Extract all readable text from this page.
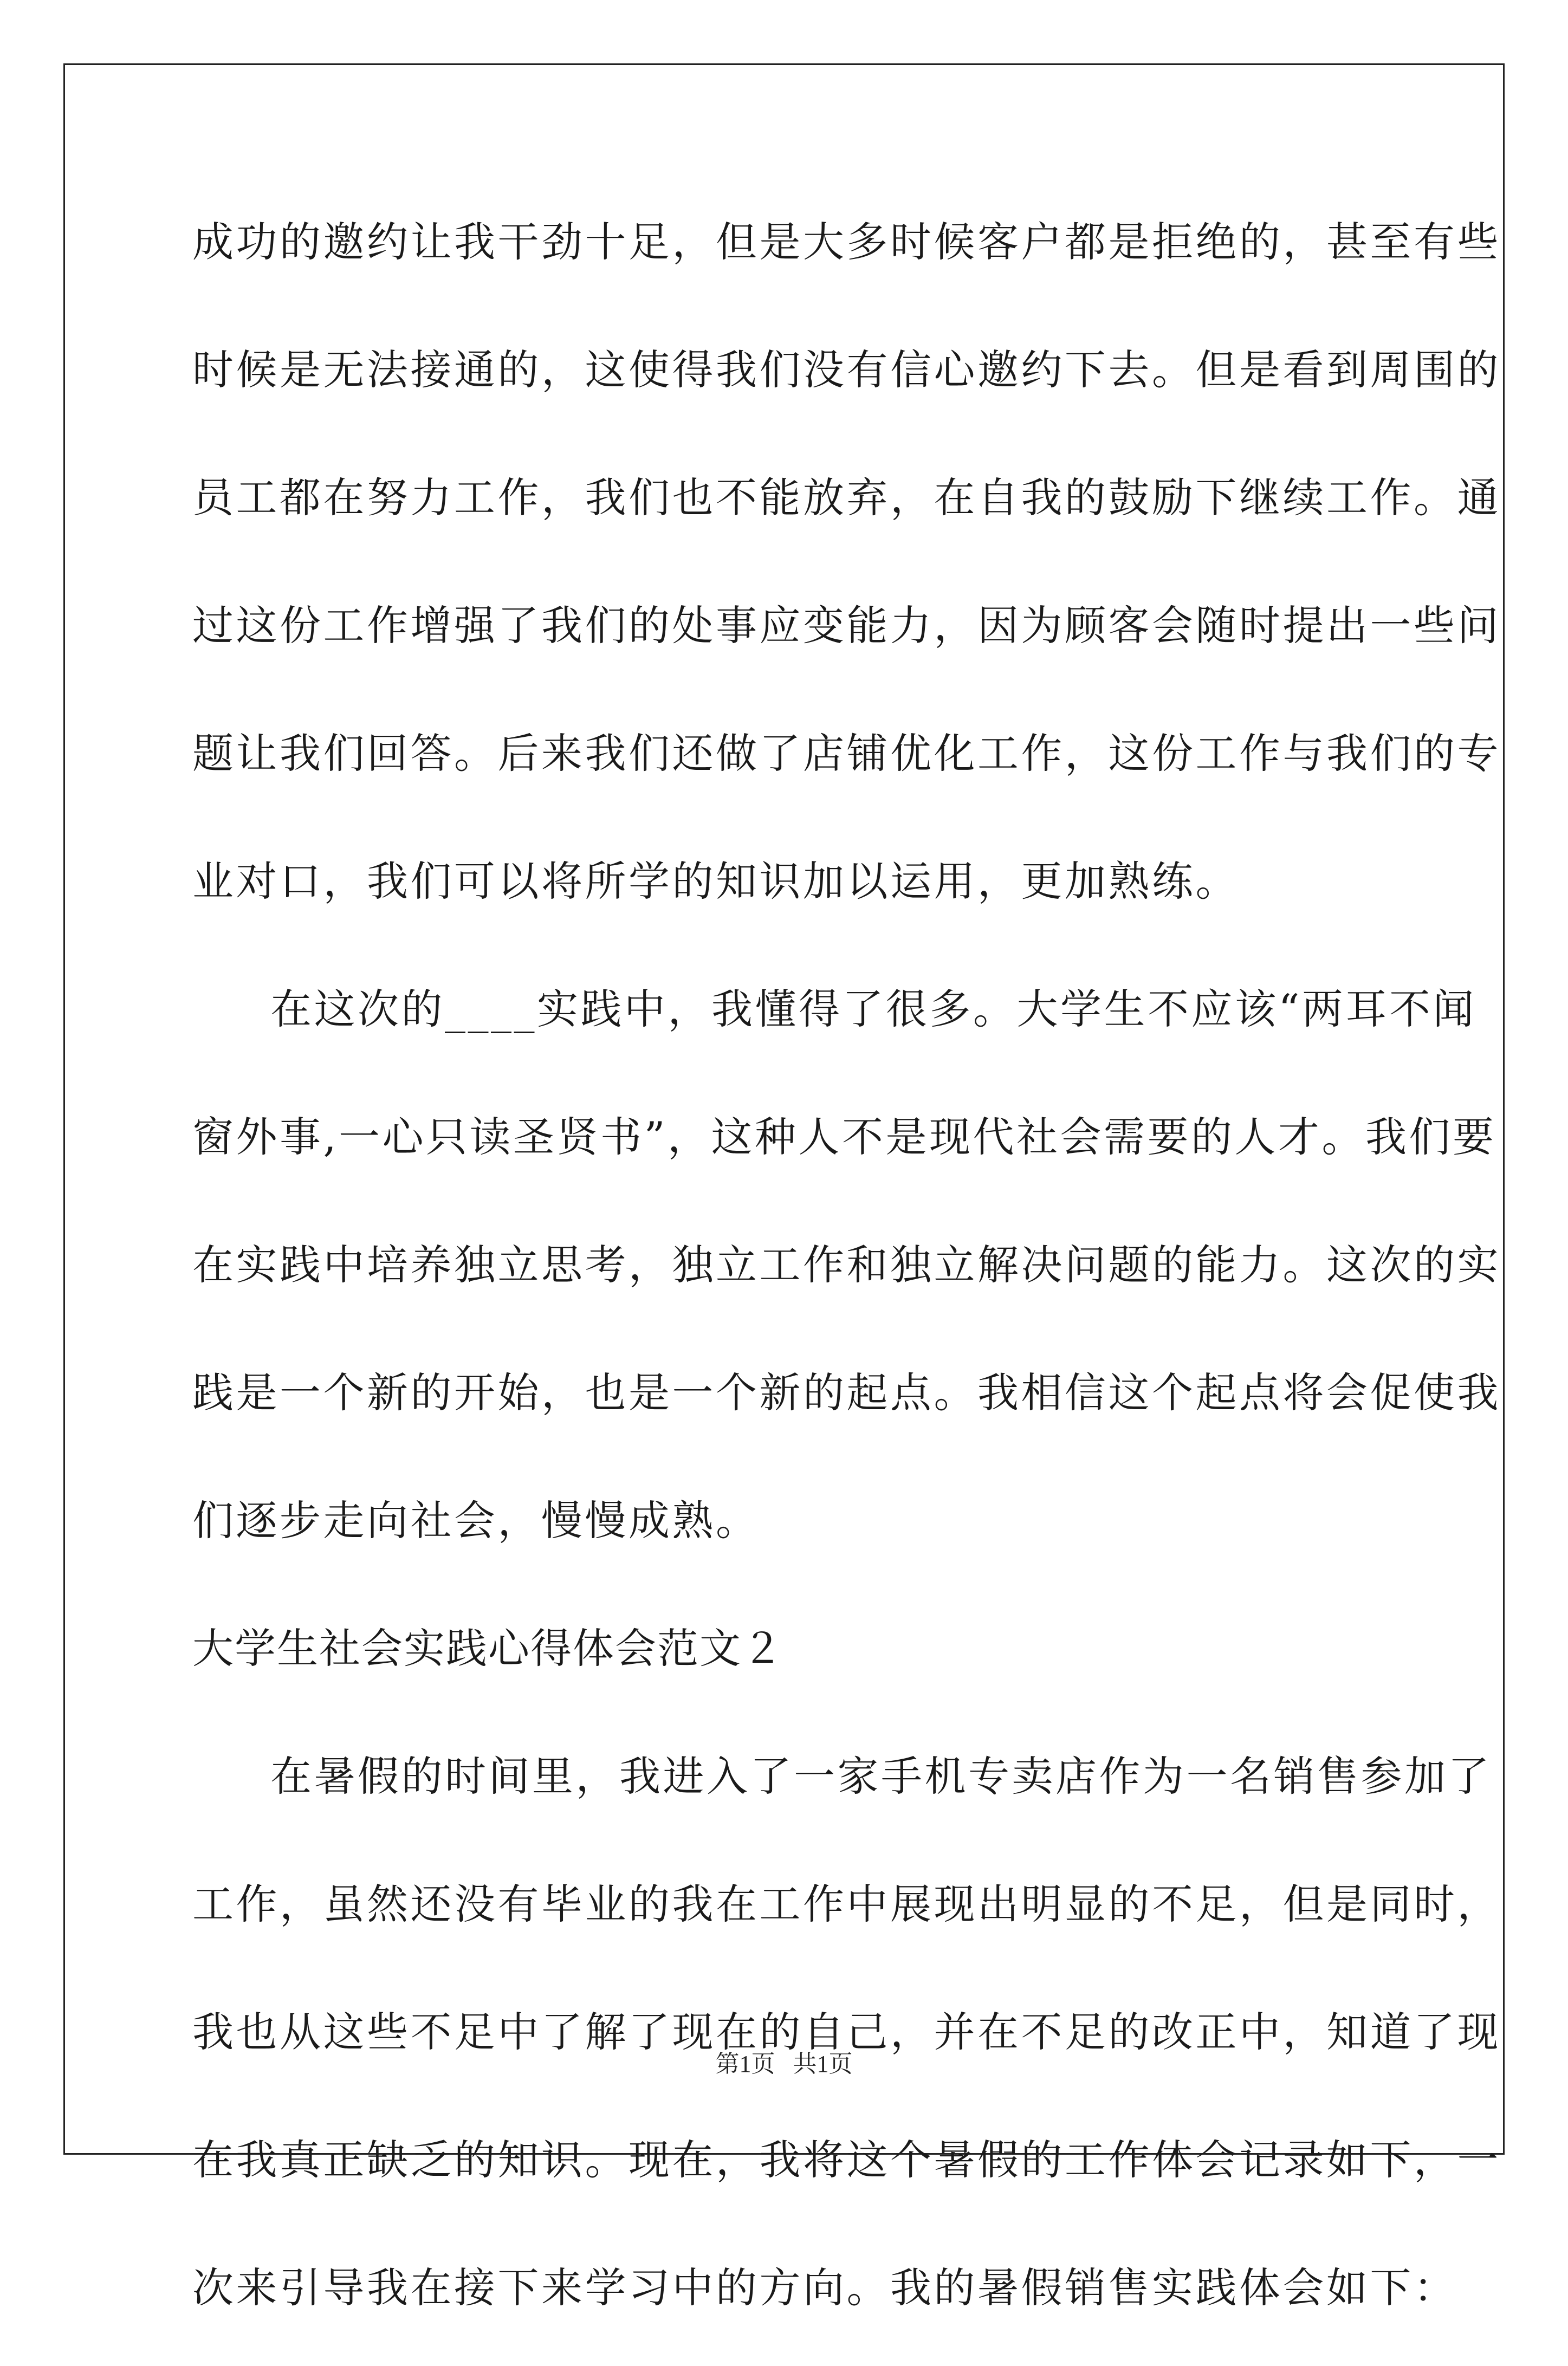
成功的邀约让我干劲十足，但是大多时候客户都是拒绝的，甚至有些
时候是无法接通的，这使得我们没有信心邀约下去。但是看到周围的
员工都在努力工作，我们也不能放弃，在自我的鼓励下继续工作。通
过这份工作增强了我们的处事应变能力，因为顾客会随时提出一些问
题让我们回答。后来我们还做了店铺优化工作，这份工作与我们的专
业对口，我们可以将所学的知识加以运用，更加熟练。
在这次的____实践中，我懂得了很多。大学生不应该“两耳不闻
窗外事,一心只读圣贤书”，这种人不是现代社会需要的人才。我们要
在实践中培养独立思考，独立工作和独立解决问题的能力。这次的实
践是一个新的开始，也是一个新的起点。我相信这个起点将会促使我
们逐步走向社会，慢慢成熟。
大学生社会实践心得体会范文２
在暑假的时间里，我进入了一家手机专卖店作为一名销售参加了
工作，虽然还没有毕业的我在工作中展现出明显的不足，但是同时，
我也从这些不足中了解了现在的自己，并在不足的改正中，知道了现
在我真正缺乏的知识。现在，我将这个暑假的工作体会记录如下，一
次来引导我在接下来学习中的方向。我的暑假销售实践体会如下：
第1页   共1页
